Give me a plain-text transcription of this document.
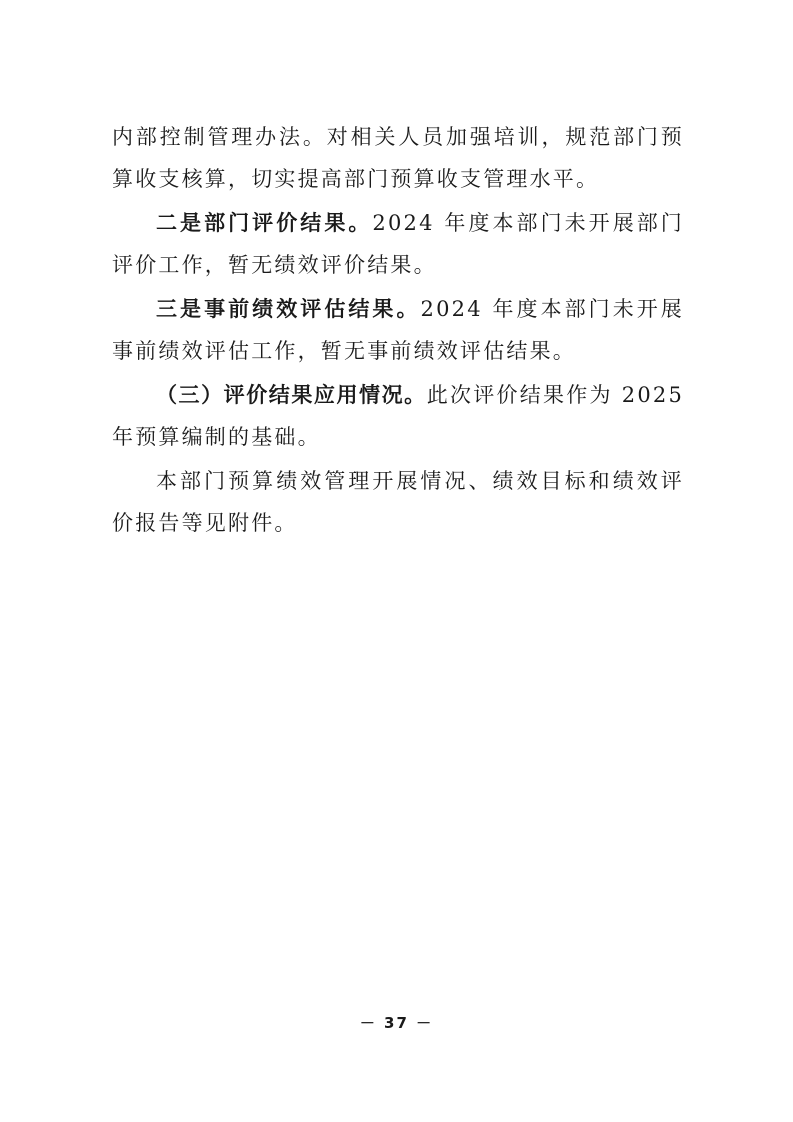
内部控制管理办法。对相关人员加强培训，规范部门预算收支核算，切实提高部门预算收支管理水平。

二是部门评价结果。2024 年度本部门未开展部门评价工作，暂无绩效评价结果。

三是事前绩效评估结果。2024 年度本部门未开展事前绩效评估工作，暂无事前绩效评估结果。

（三）评价结果应用情况。此次评价结果作为 2025 年预算编制的基础。

本部门预算绩效管理开展情况、绩效目标和绩效评价报告等见附件。

－ 37 －
